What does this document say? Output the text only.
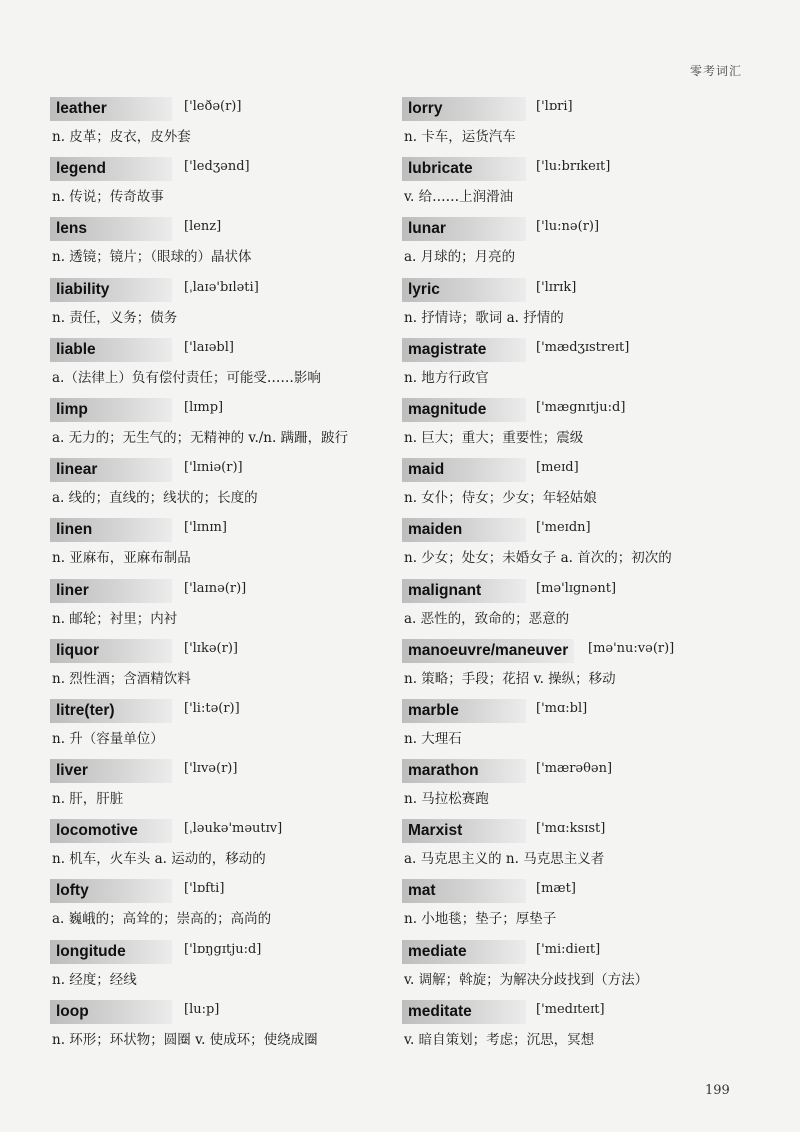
零考词汇
leather	['leðə(r)]
n. 皮革；皮衣，皮外套
legend	['ledʒənd]
n. 传说；传奇故事
lens	[lenz]
n. 透镜；镜片；（眼球的）晶状体
liability	[ˌlaɪə'bɪləti]
n. 责任，义务；债务
liable	['laɪəbl]
a.（法律上）负有偿付责任；可能受……影响
limp	[lɪmp]
a. 无力的；无生气的；无精神的 v./n. 蹒跚，跛行
linear	['lɪniə(r)]
a. 线的；直线的；线状的；长度的
linen	['lɪnɪn]
n. 亚麻布，亚麻布制品
liner	['laɪnə(r)]
n. 邮轮；衬里；内衬
liquor	['lɪkə(r)]
n. 烈性酒；含酒精饮料
litre(ter)	['li:tə(r)]
n. 升（容量单位）
liver	['lɪvə(r)]
n. 肝，肝脏
locomotive	[ˌləukə'məutɪv]
n. 机车，火车头 a. 运动的，移动的
lofty	['lɒfti]
a. 巍峨的；高耸的；崇高的；高尚的
longitude	['lɒŋgɪtju:d]
n. 经度；经线
loop	[lu:p]
n. 环形；环状物；圆圈 v. 使成环；使绕成圈
lorry	['lɒri]
n. 卡车，运货汽车
lubricate	['lu:brɪkeɪt]
v. 给……上润滑油
lunar	['lu:nə(r)]
a. 月球的；月亮的
lyric	['lɪrɪk]
n. 抒情诗；歌词 a. 抒情的
magistrate	['mædʒɪstreɪt]
n. 地方行政官
magnitude	['mægnɪtju:d]
n. 巨大；重大；重要性；震级
maid	[meɪd]
n. 女仆；侍女；少女；年轻姑娘
maiden	['meɪdn]
n. 少女；处女；未婚女子 a. 首次的；初次的
malignant	[mə'lɪgnənt]
a. 恶性的，致命的；恶意的
manoeuvre/maneuver	[mə'nu:və(r)]
n. 策略；手段；花招 v. 操纵；移动
marble	['mɑ:bl]
n. 大理石
marathon	['mærəθən]
n. 马拉松赛跑
Marxist	['mɑ:ksɪst]
a. 马克思主义的 n. 马克思主义者
mat	[mæt]
n. 小地毯；垫子；厚垫子
mediate	['mi:dieɪt]
v. 调解；斡旋；为解决分歧找到（方法）
meditate	['medɪteɪt]
v. 暗自策划；考虑；沉思，冥想
199
